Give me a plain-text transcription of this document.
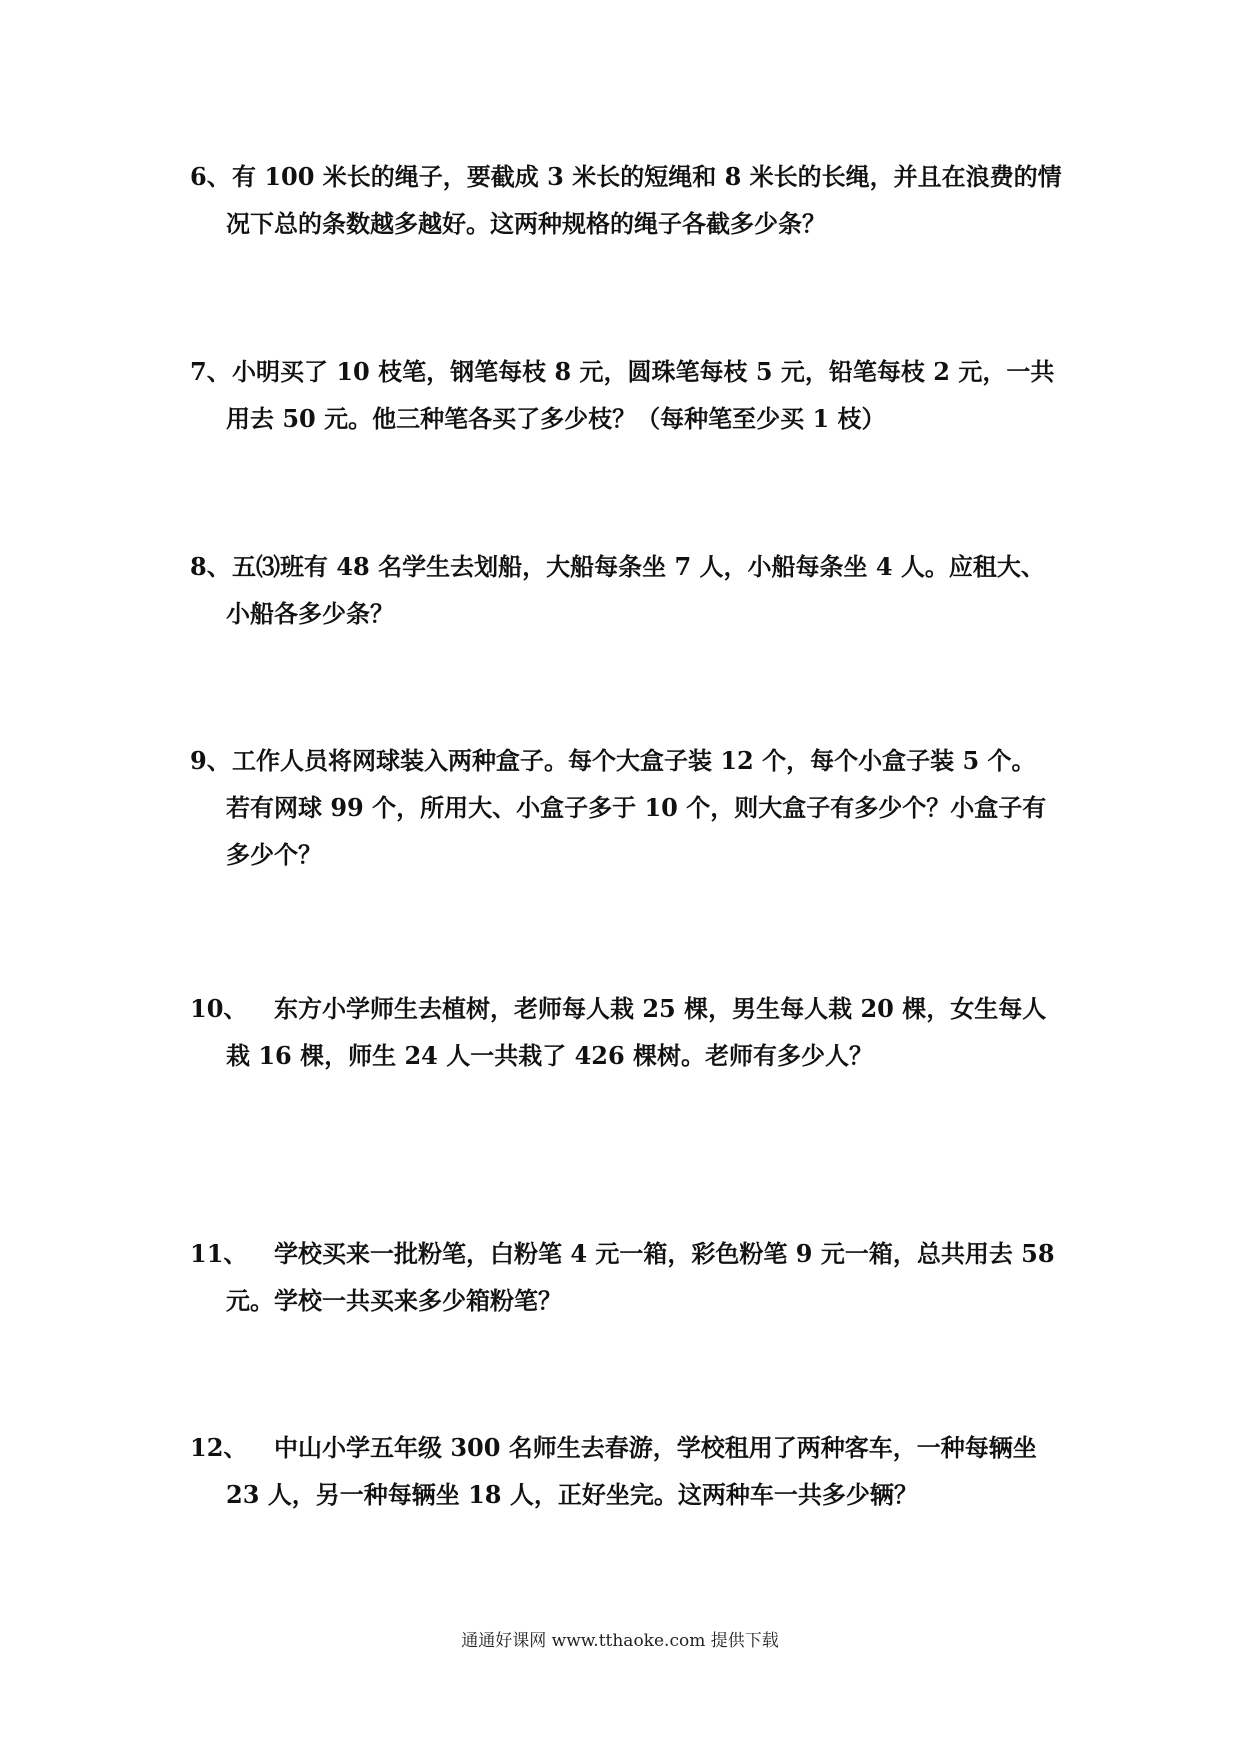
6、 有 100 米长的绳子，要截成 3 米长的短绳和 8 米长的长绳，并且在浪费的情
况下总的条数越多越好。这两种规格的绳子各截多少条？
7、 小明买了 10 枝笔，钢笔每枝 8 元，圆珠笔每枝 5 元，铅笔每枝 2 元，一共
用去 50 元。他三种笔各买了多少枝？（每种笔至少买 1 枝）
8、 五⑶班有 48 名学生去划船，大船每条坐 7 人，小船每条坐 4 人。应租大、
小船各多少条？
9、 工作人员将网球装入两种盒子。每个大盒子装 12 个，每个小盒子装 5 个。
若有网球 99 个，所用大、小盒子多于 10 个，则大盒子有多少个？小盒子有
多少个？
10、	东方小学师生去植树，老师每人栽 25 棵，男生每人栽 20 棵，女生每人
栽 16 棵，师生 24 人一共栽了 426 棵树。老师有多少人？
11、	学校买来一批粉笔，白粉笔 4 元一箱，彩色粉笔 9 元一箱，总共用去 58
元。学校一共买来多少箱粉笔？
12、	中山小学五年级 300 名师生去春游，学校租用了两种客车，一种每辆坐
23 人，另一种每辆坐 18 人，正好坐完。这两种车一共多少辆？
通通好课网 www.tthaoke.com 提供下载
